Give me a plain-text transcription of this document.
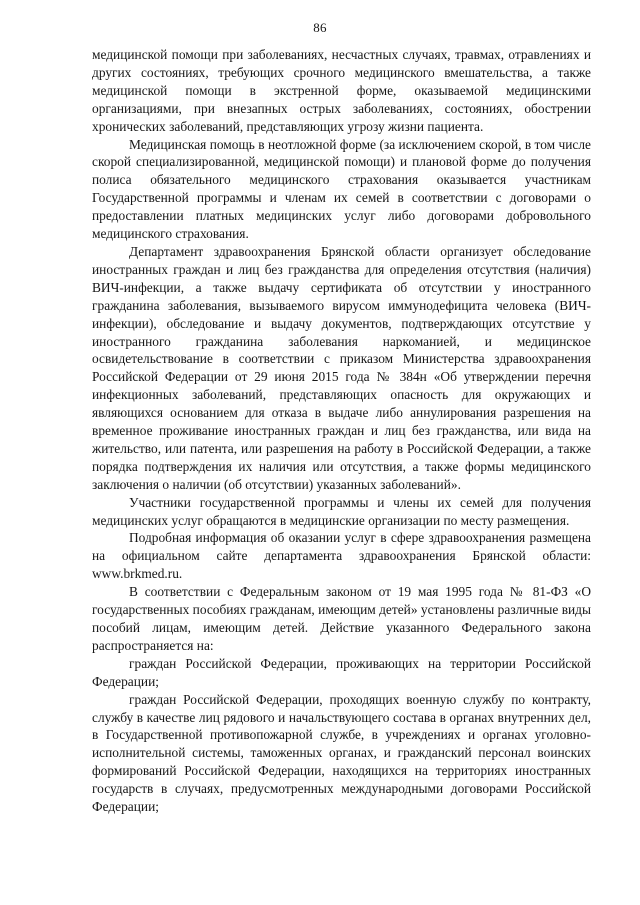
86

медицинской помощи при заболеваниях, несчастных случаях, травмах, отравлениях и других состояниях, требующих срочного медицинского вмешательства, а также медицинской помощи в экстренной форме, оказываемой медицинскими организациями, при внезапных острых заболеваниях, состояниях, обострении хронических заболеваний, представляющих угрозу жизни пациента.

Медицинская помощь в неотложной форме (за исключением скорой, в том числе скорой специализированной, медицинской помощи) и плановой форме до получения полиса обязательного медицинского страхования оказывается участникам Государственной программы и членам их семей в соответствии с договорами о предоставлении платных медицинских услуг либо договорами добровольного медицинского страхования.

Департамент здравоохранения Брянской области организует обследование иностранных граждан и лиц без гражданства для определения отсутствия (наличия) ВИЧ-инфекции, а также выдачу сертификата об отсутствии у иностранного гражданина заболевания, вызываемого вирусом иммунодефицита человека (ВИЧ-инфекции), обследование и выдачу документов, подтверждающих отсутствие у иностранного гражданина заболевания наркоманией, и медицинское освидетельствование в соответствии с приказом Министерства здравоохранения Российской Федерации от 29 июня 2015 года № 384н «Об утверждении перечня инфекционных заболеваний, представляющих опасность для окружающих и являющихся основанием для отказа в выдаче либо аннулирования разрешения на временное проживание иностранных граждан и лиц без гражданства, или вида на жительство, или патента, или разрешения на работу в Российской Федерации, а также порядка подтверждения их наличия или отсутствия, а также формы медицинского заключения о наличии (об отсутствии) указанных заболеваний».

Участники государственной программы и члены их семей для получения медицинских услуг обращаются в медицинские организации по месту размещения.

Подробная информация об оказании услуг в сфере здравоохранения размещена на официальном сайте департамента здравоохранения Брянской области: www.brkmed.ru.

В соответствии с Федеральным законом от 19 мая 1995 года № 81-ФЗ «О государственных пособиях гражданам, имеющим детей» установлены различные виды пособий лицам, имеющим детей. Действие указанного Федерального закона распространяется на:

граждан Российской Федерации, проживающих на территории Российской Федерации;

граждан Российской Федерации, проходящих военную службу по контракту, службу в качестве лиц рядового и начальствующего состава в органах внутренних дел, в Государственной противопожарной службе, в учреждениях и органах уголовно-исполнительной системы, таможенных органах, и гражданский персонал воинских формирований Российской Федерации, находящихся на территориях иностранных государств в случаях, предусмотренных международными договорами Российской Федерации;
